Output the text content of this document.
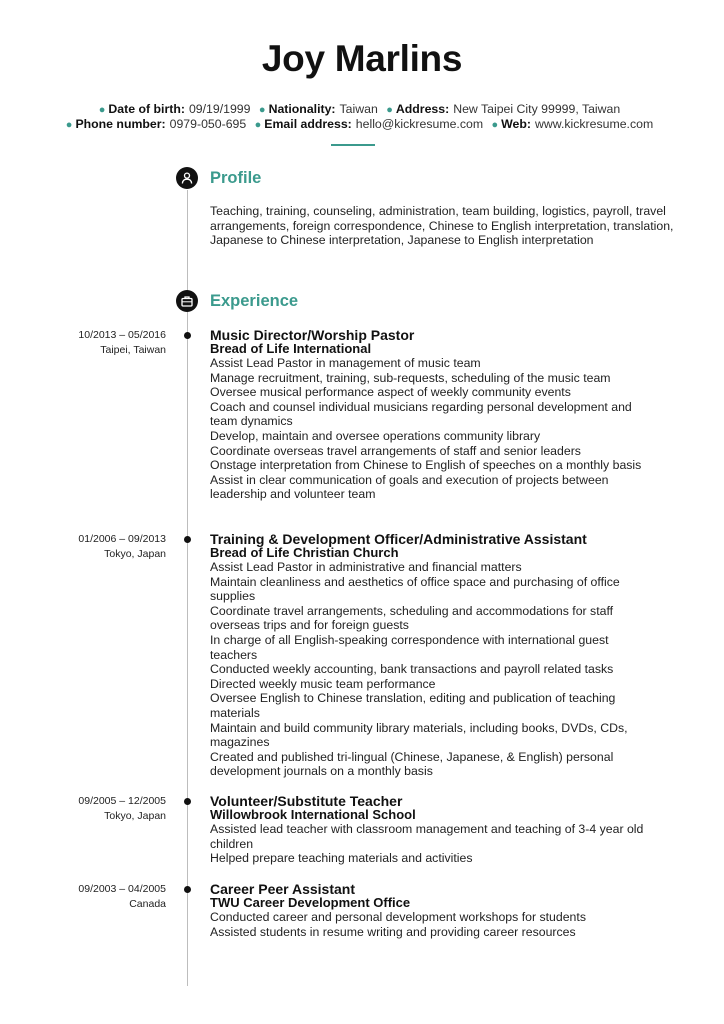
Joy Marlins
● Date of birth: 09/19/1999 ● Nationality: Taiwan ● Address: New Taipei City 99999, Taiwan
● Phone number: 0979-050-695 ● Email address: hello@kickresume.com ● Web: www.kickresume.com
Profile
Teaching, training, counseling, administration, team building, logistics, payroll, travel arrangements, foreign correspondence, Chinese to English interpretation, translation, Japanese to Chinese interpretation, Japanese to English interpretation
Experience
10/2013 – 05/2016
Taipei, Taiwan
Music Director/Worship Pastor
Bread of Life International
Assist Lead Pastor in management of music team
Manage recruitment, training, sub-requests, scheduling of the music team
Oversee musical performance aspect of weekly community events
Coach and counsel individual musicians regarding personal development and team dynamics
Develop, maintain and oversee operations community library
Coordinate overseas travel arrangements of staff and senior leaders
Onstage interpretation from Chinese to English of speeches on a monthly basis
Assist in clear communication of goals and execution of projects between leadership and volunteer team
01/2006 – 09/2013
Tokyo, Japan
Training & Development Officer/Administrative Assistant
Bread of Life Christian Church
Assist Lead Pastor in administrative and financial matters
Maintain cleanliness and aesthetics of office space and purchasing of office supplies
Coordinate travel arrangements, scheduling and accommodations for staff overseas trips and for foreign guests
In charge of all English-speaking correspondence with international guest teachers
Conducted weekly accounting, bank transactions and payroll related tasks
Directed weekly music team performance
Oversee English to Chinese translation, editing and publication of teaching materials
Maintain and build community library materials, including books, DVDs, CDs, magazines
Created and published tri-lingual (Chinese, Japanese, & English) personal development journals on a monthly basis
09/2005 – 12/2005
Tokyo, Japan
Volunteer/Substitute Teacher
Willowbrook International School
Assisted lead teacher with classroom management and teaching of 3-4 year old children
Helped prepare teaching materials and activities
09/2003 – 04/2005
Canada
Career Peer Assistant
TWU Career Development Office
Conducted career and personal development workshops for students
Assisted students in resume writing and providing career resources
